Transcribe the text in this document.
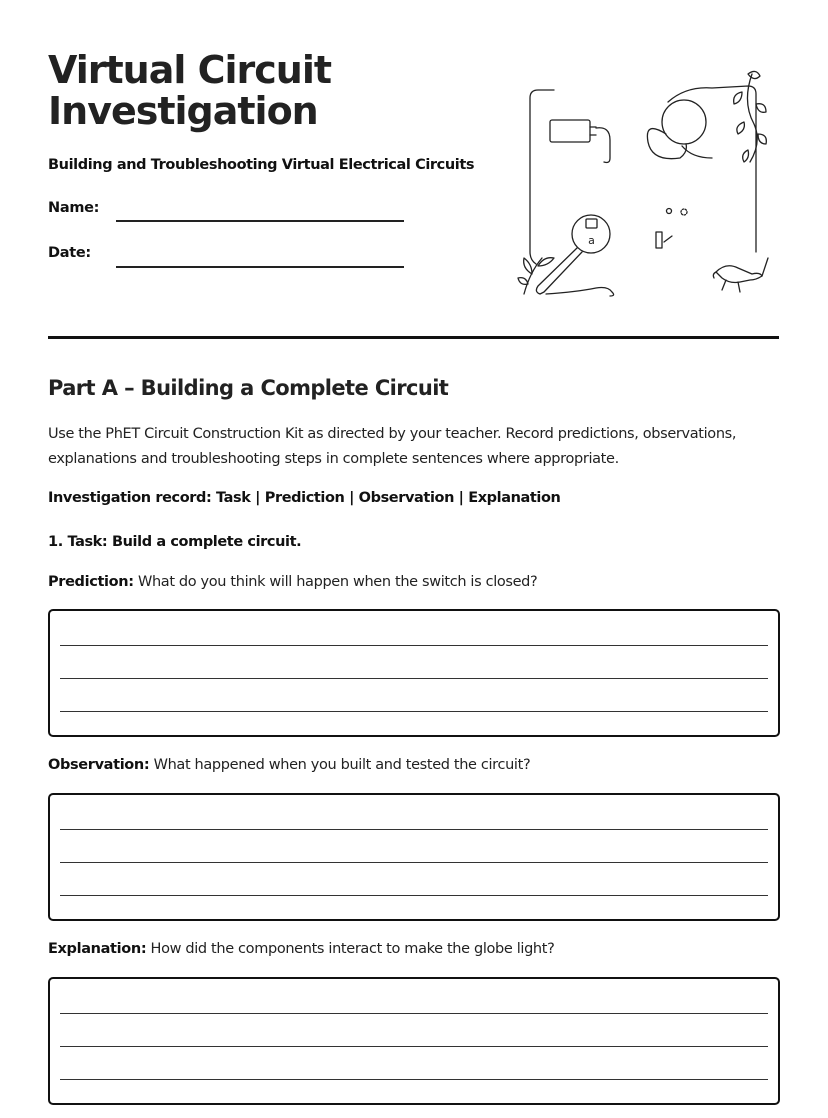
Virtual Circuit
Investigation
Building and Troubleshooting Virtual Electrical Circuits
Name:
Date:
a
Part A – Building a Complete Circuit

Use the PhET Circuit Construction Kit as directed by your teacher. Record predictions, observations, explanations and troubleshooting steps in complete sentences where appropriate.

Investigation record: Task | Prediction | Observation | Explanation
1. Task: Build a complete circuit.
Prediction: What do you think will happen when the switch is closed?
Observation: What happened when you built and tested the circuit?
Explanation: How did the components interact to make the globe light?
